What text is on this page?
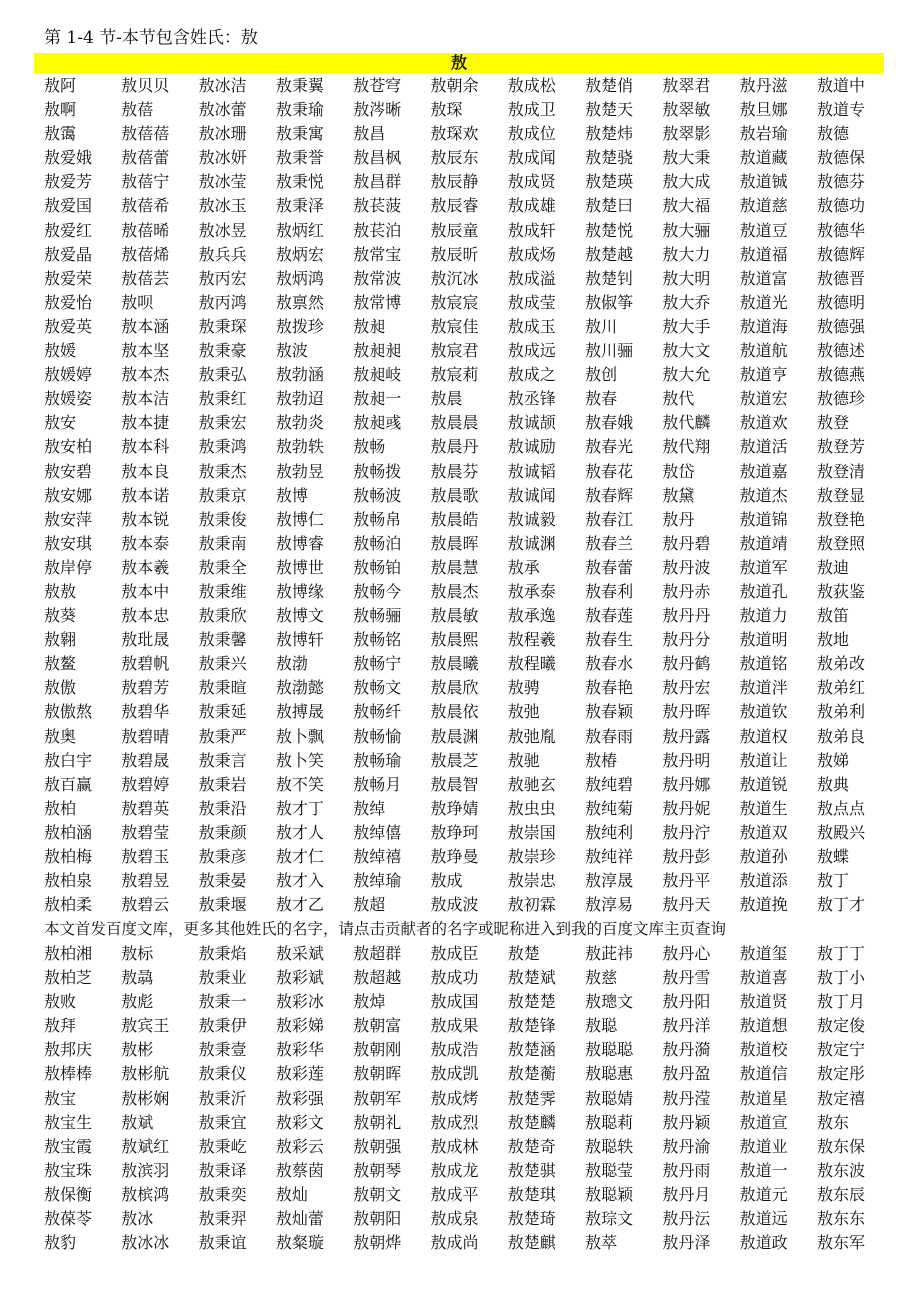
第 1-4 节-本节包含姓氏：敖
敖
敖阿	敖贝贝	敖冰洁	敖秉翼	敖苍穹	敖朝余	敖成松	敖楚俏	敖翠君	敖丹滋	敖道中
敖啊	敖蓓	敖冰蕾	敖秉瑜	敖涔晰	敖琛	敖成卫	敖楚天	敖翠敏	敖旦娜	敖道专
敖霭	敖蓓蓓	敖冰珊	敖秉寓	敖昌	敖琛欢	敖成位	敖楚炜	敖翠影	敖岩瑜	敖德
敖爱娥	敖蓓蕾	敖冰妍	敖秉誉	敖昌枫	敖辰东	敖成闻	敖楚骁	敖大秉	敖道藏	敖德保
敖爱芳	敖蓓宁	敖冰莹	敖秉悦	敖昌群	敖辰静	敖成贤	敖楚瑛	敖大成	敖道铖	敖德芬
敖爱国	敖蓓希	敖冰玉	敖秉泽	敖苌菠	敖辰睿	敖成雄	敖楚曰	敖大福	敖道慈	敖德功
敖爱红	敖蓓晞	敖冰昱	敖炳红	敖苌泊	敖辰童	敖成轩	敖楚悦	敖大骊	敖道豆	敖德华
敖爱晶	敖蓓烯	敖兵兵	敖炳宏	敖常宝	敖辰昕	敖成炀	敖楚越	敖大力	敖道福	敖德辉
敖爱荣	敖蓓芸	敖丙宏	敖炳鸿	敖常波	敖沉冰	敖成溢	敖楚钊	敖大明	敖道富	敖德晋
敖爱怡	敖呗	敖丙鸿	敖禀然	敖常博	敖宸宸	敖成莹	敖俶筝	敖大乔	敖道光	敖德明
敖爱英	敖本涵	敖秉琛	敖拨珍	敖昶	敖宸佳	敖成玉	敖川	敖大手	敖道海	敖德强
敖媛	敖本坚	敖秉豪	敖波	敖昶昶	敖宸君	敖成远	敖川骊	敖大文	敖道航	敖德述
敖媛婷	敖本杰	敖秉弘	敖勃涵	敖昶岐	敖宸莉	敖成之	敖创	敖大允	敖道亨	敖德燕
敖媛姿	敖本洁	敖秉红	敖勃迢	敖昶一	敖晨	敖丞锋	敖春	敖代	敖道宏	敖德珍
敖安	敖本捷	敖秉宏	敖勃炎	敖昶彧	敖晨晨	敖诚颉	敖春娥	敖代麟	敖道欢	敖登
敖安柏	敖本科	敖秉鸿	敖勃轶	敖畅	敖晨丹	敖诚励	敖春光	敖代翔	敖道活	敖登芳
敖安碧	敖本良	敖秉杰	敖勃昱	敖畅拨	敖晨芬	敖诚韬	敖春花	敖岱	敖道嘉	敖登清
敖安娜	敖本诺	敖秉京	敖博	敖畅波	敖晨歌	敖诚闻	敖春辉	敖黛	敖道杰	敖登显
敖安萍	敖本锐	敖秉俊	敖博仁	敖畅帛	敖晨皓	敖诚毅	敖春江	敖丹	敖道锦	敖登艳
敖安琪	敖本泰	敖秉南	敖博睿	敖畅泊	敖晨晖	敖诚渊	敖春兰	敖丹碧	敖道靖	敖登照
敖岸停	敖本羲	敖秉全	敖博世	敖畅铂	敖晨慧	敖承	敖春蕾	敖丹波	敖道军	敖迪
敖敖	敖本中	敖秉维	敖博缘	敖畅今	敖晨杰	敖承泰	敖春利	敖丹赤	敖道孔	敖荻鉴
敖葵	敖本忠	敖秉欣	敖博文	敖畅骊	敖晨敏	敖承逸	敖春莲	敖丹丹	敖道力	敖笛
敖翱	敖玭晟	敖秉馨	敖博轩	敖畅铭	敖晨熙	敖程羲	敖春生	敖丹分	敖道明	敖地
敖鳌	敖碧帆	敖秉兴	敖渤	敖畅宁	敖晨曦	敖程曦	敖春水	敖丹鹤	敖道铭	敖弟改
敖傲	敖碧芳	敖秉暄	敖渤懿	敖畅文	敖晨欣	敖骋	敖春艳	敖丹宏	敖道泮	敖弟红
敖傲熬	敖碧华	敖秉延	敖搏晟	敖畅纤	敖晨依	敖弛	敖春颖	敖丹晖	敖道钦	敖弟利
敖奥	敖碧晴	敖秉严	敖卜飘	敖畅愉	敖晨渊	敖弛胤	敖春雨	敖丹露	敖道权	敖弟良
敖白宇	敖碧晟	敖秉言	敖卜笑	敖畅瑜	敖晨芝	敖驰	敖椿	敖丹明	敖道让	敖娣
敖百赢	敖碧婷	敖秉岩	敖不笑	敖畅月	敖晨智	敖驰玄	敖纯碧	敖丹娜	敖道锐	敖典
敖柏	敖碧英	敖秉沿	敖才丁	敖绰	敖琤婧	敖虫虫	敖纯菊	敖丹妮	敖道生	敖点点
敖柏涵	敖碧莹	敖秉颜	敖才人	敖绰僖	敖琤珂	敖崇国	敖纯利	敖丹泞	敖道双	敖殿兴
敖柏梅	敖碧玉	敖秉彦	敖才仁	敖绰禧	敖琤曼	敖崇珍	敖纯祥	敖丹彭	敖道孙	敖蝶
敖柏泉	敖碧昱	敖秉晏	敖才入	敖绰瑜	敖成	敖崇忠	敖淳晟	敖丹平	敖道添	敖丁
敖柏柔	敖碧云	敖秉堰	敖才乙	敖超	敖成波	敖初霖	敖淳易	敖丹天	敖道挽	敖丁才
本文首发百度文库，更多其他姓氏的名字，请点击贡献者的名字或昵称进入到我的百度文库主页查询
敖柏湘	敖标	敖秉焰	敖采斌	敖超群	敖成臣	敖楚	敖茈祎	敖丹心	敖道玺	敖丁丁
敖柏芝	敖骉	敖秉业	敖彩斌	敖超越	敖成功	敖楚斌	敖慈	敖丹雪	敖道喜	敖丁小
敖败	敖彪	敖秉一	敖彩冰	敖焯	敖成国	敖楚楚	敖璁文	敖丹阳	敖道贤	敖丁月
敖拜	敖宾王	敖秉伊	敖彩娣	敖朝富	敖成果	敖楚锋	敖聪	敖丹洋	敖道想	敖定俊
敖邦庆	敖彬	敖秉壹	敖彩华	敖朝刚	敖成浩	敖楚涵	敖聪聪	敖丹漪	敖道校	敖定宁
敖棒棒	敖彬航	敖秉仪	敖彩莲	敖朝晖	敖成凯	敖楚蘅	敖聪惠	敖丹盈	敖道信	敖定彤
敖宝	敖彬娴	敖秉沂	敖彩强	敖朝军	敖成烤	敖楚霁	敖聪婧	敖丹滢	敖道星	敖定禧
敖宝生	敖斌	敖秉宜	敖彩文	敖朝礼	敖成烈	敖楚麟	敖聪莉	敖丹颖	敖道宣	敖东
敖宝霞	敖斌红	敖秉屹	敖彩云	敖朝强	敖成林	敖楚奇	敖聪轶	敖丹渝	敖道业	敖东保
敖宝珠	敖滨羽	敖秉译	敖蔡茵	敖朝琴	敖成龙	敖楚骐	敖聪莹	敖丹雨	敖道一	敖东波
敖保衡	敖槟鸿	敖秉奕	敖灿	敖朝文	敖成平	敖楚琪	敖聪颖	敖丹月	敖道元	敖东辰
敖葆苓	敖冰	敖秉羿	敖灿蕾	敖朝阳	敖成泉	敖楚琦	敖琮文	敖丹沄	敖道远	敖东东
敖豹	敖冰冰	敖秉谊	敖粲璇	敖朝烨	敖成尚	敖楚麒	敖萃	敖丹泽	敖道政	敖东军
